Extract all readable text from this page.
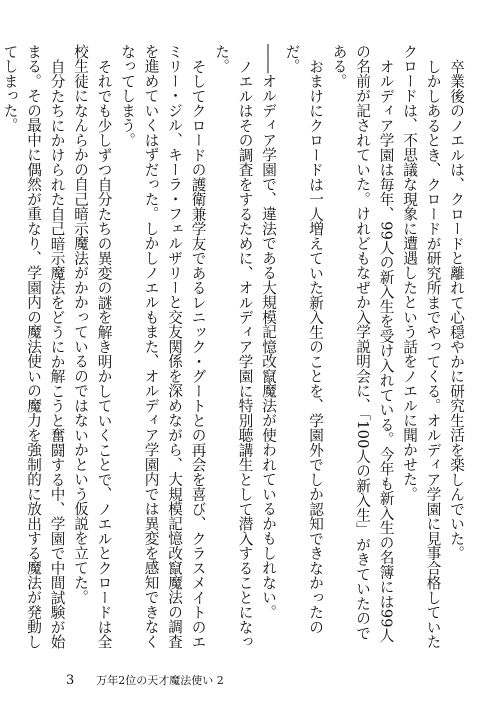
卒業後のノエルは、クロードと離れて心穏やかに研究生活を楽しんでいた。

しかしあるとき、クロードが研究所までやってくる。オルディア学園に見事合格していたクロードは、不思議な現象に遭遇したという話をノエルに聞かせた。

オルディア学園は毎年、99人の新入生を受け入れている。今年も新入生の名簿には99人の名前が記されていた。けれどもなぜか入学説明会に、「100人の新入生」がきていたのである。

おまけにクロードは一人増えていた新入生のことを、学園外でしか認知できなかったのだ。

――オルディア学園で、違法である大規模記憶改竄魔法が使われているかもしれない。

ノエルはその調査をするために、オルディア学園に特別聴講生として潜入することになった。

そしてクロードの護衛兼学友であるレニック・グートとの再会を喜び、クラスメイトのエミリー・ジル、キーラ・フェルザリーと交友関係を深めながら、大規模記憶改竄魔法の調査を進めていくはずだった。しかしノエルもまた、オルディア学園内では異変を感知できなくなってしまう。

それでも少しずつ自分たちの異変の謎を解き明かしていくことで、ノエルとクロードは全校生徒になんらかの自己暗示魔法がかかっているのではないかという仮説を立てた。

自分たちにかけられた自己暗示魔法をどうにか解こうと奮闘する中、学園で中間試験が始まる。その最中に偶然が重なり、学園内の魔法使いの魔力を強制的に放出する魔法が発動してしまった。

3 万年2位の天才魔法使い 2
